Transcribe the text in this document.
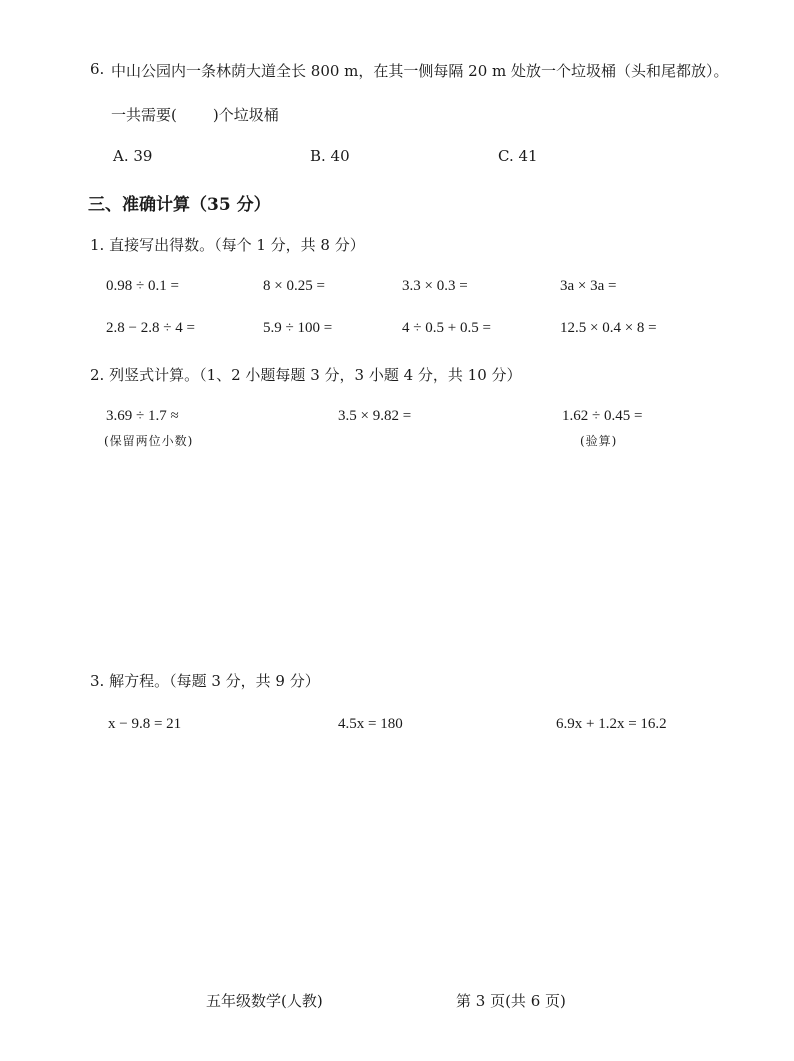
6. 中山公园内一条林荫大道全长 800 m，在其一侧每隔 20 m 处放一个垃圾桶（头和尾都放）。
一共需要( )个垃圾桶
A. 39	B. 40	C. 41
三、准确计算（35 分）
1. 直接写出得数。（每个 1 分，共 8 分）
0.98 ÷ 0.1 =	8 × 0.25 =	3.3 × 0.3 =	3a × 3a =
2.8 − 2.8 ÷ 4 =	5.9 ÷ 100 =	4 ÷ 0.5 + 0.5 =	12.5 × 0.4 × 8 =
2. 列竖式计算。（1、2 小题每题 3 分，3 小题 4 分，共 10 分）
3.69 ÷ 1.7 ≈
(保留两位小数)
3.5 × 9.82 =	1.62 ÷ 0.45 =
(验算)
3. 解方程。（每题 3 分，共 9 分）
x − 9.8 = 21	4.5x = 180	6.9x + 1.2x = 16.2
五年级数学(人教)	第 3 页(共 6 页)
